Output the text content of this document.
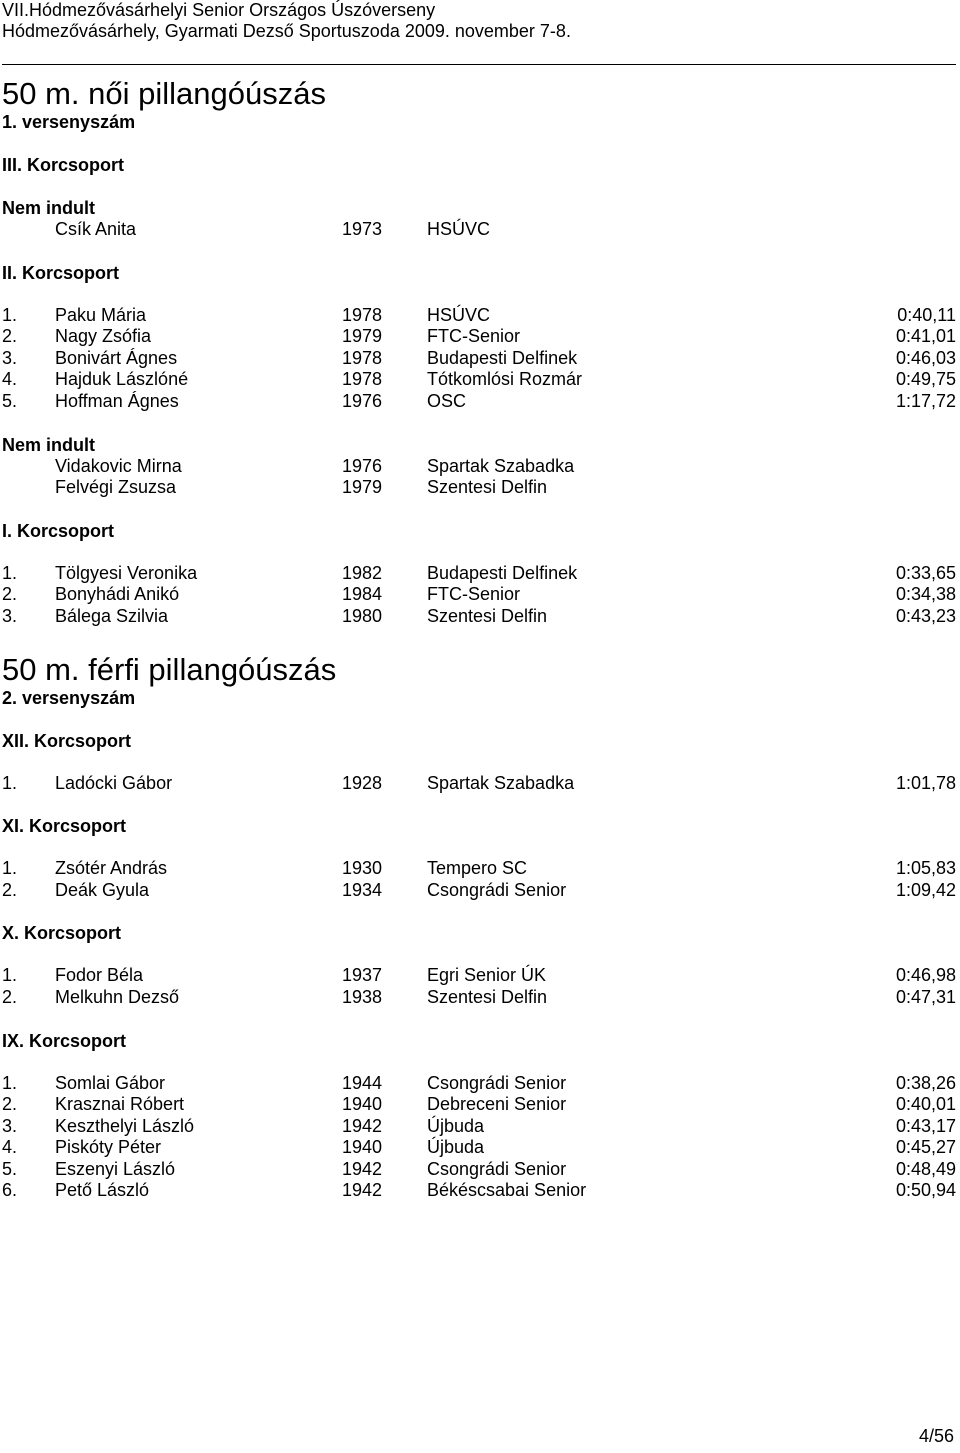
VII.Hódmezővásárhelyi Senior Országos Úszóverseny
Hódmezővásárhely, Gyarmati Dezső Sportuszoda 2009. november 7-8.
50 m. női pillangóúszás
1. versenyszám
III. Korcsoport
Nem indult
Csík Anita	1973 HSÚVC
II. Korcsoport
1. Paku Mária	1978 HSÚVC	0:40,11
2. Nagy Zsófia	1979 FTC-Senior	0:41,01
3. Bonivárt Ágnes	1978 Budapesti Delfinek	0:46,03
4. Hajduk Lászlóné	1978 Tótkomlósi Rozmár	0:49,75
5. Hoffman Ágnes	1976 OSC	1:17,72
Nem indult
Vidakovic Mirna	1976 Spartak Szabadka
Felvégi Zsuzsa	1979 Szentesi Delfin
I. Korcsoport
1. Tölgyesi Veronika	1982 Budapesti Delfinek	0:33,65
2. Bonyhádi Anikó	1984 FTC-Senior	0:34,38
3. Bálega Szilvia	1980 Szentesi Delfin	0:43,23
50 m. férfi pillangóúszás
2. versenyszám
XII. Korcsoport
1. Ladócki Gábor	1928 Spartak Szabadka	1:01,78
XI. Korcsoport
1. Zsótér András	1930 Tempero SC	1:05,83
2. Deák Gyula	1934 Csongrádi Senior	1:09,42
X. Korcsoport
1. Fodor Béla	1937 Egri Senior ÚK	0:46,98
2. Melkuhn Dezső	1938 Szentesi Delfin	0:47,31
IX. Korcsoport
1. Somlai Gábor	1944 Csongrádi Senior	0:38,26
2. Krasznai Róbert	1940 Debreceni Senior	0:40,01
3. Keszthelyi László	1942 Újbuda	0:43,17
4. Piskóty Péter	1940 Újbuda	0:45,27
5. Eszenyi László	1942 Csongrádi Senior	0:48,49
6. Pető László	1942 Békéscsabai Senior	0:50,94
4/56
